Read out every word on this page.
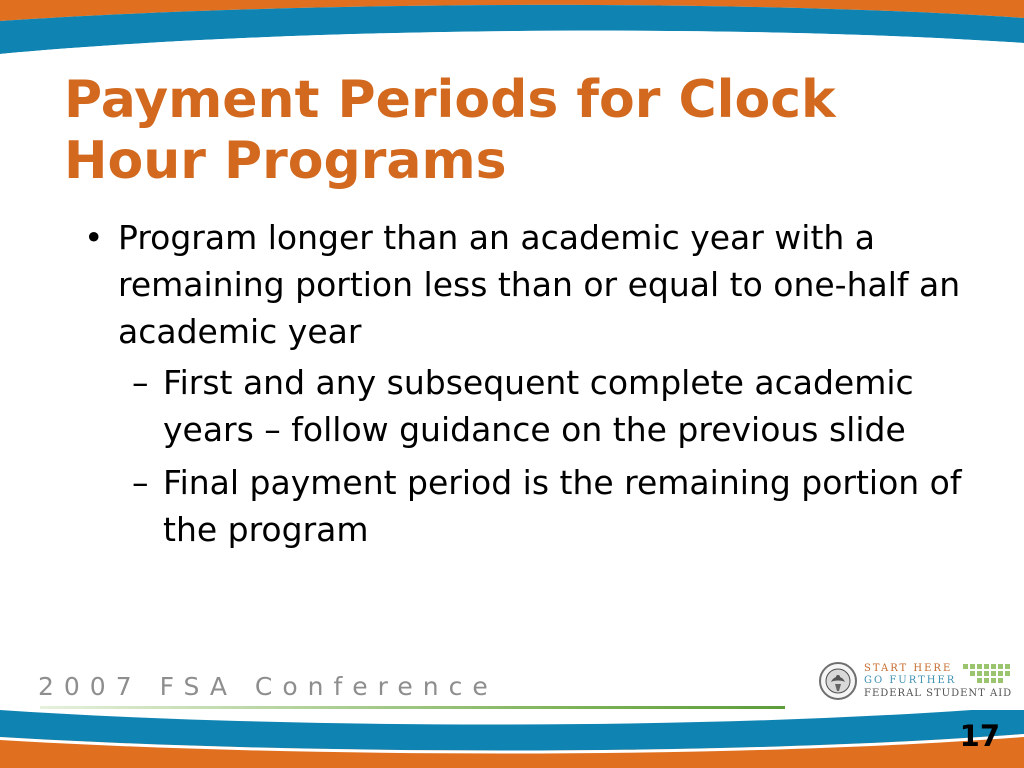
Payment Periods for Clock Hour Programs
• Program longer than an academic year with a remaining portion less than or equal to one-half an academic year
– First and any subsequent complete academic years – follow guidance on the previous slide
– Final payment period is the remaining portion of the program
2007 FSA Conference
START HERE
GO FURTHER
FEDERAL STUDENT AID
17
